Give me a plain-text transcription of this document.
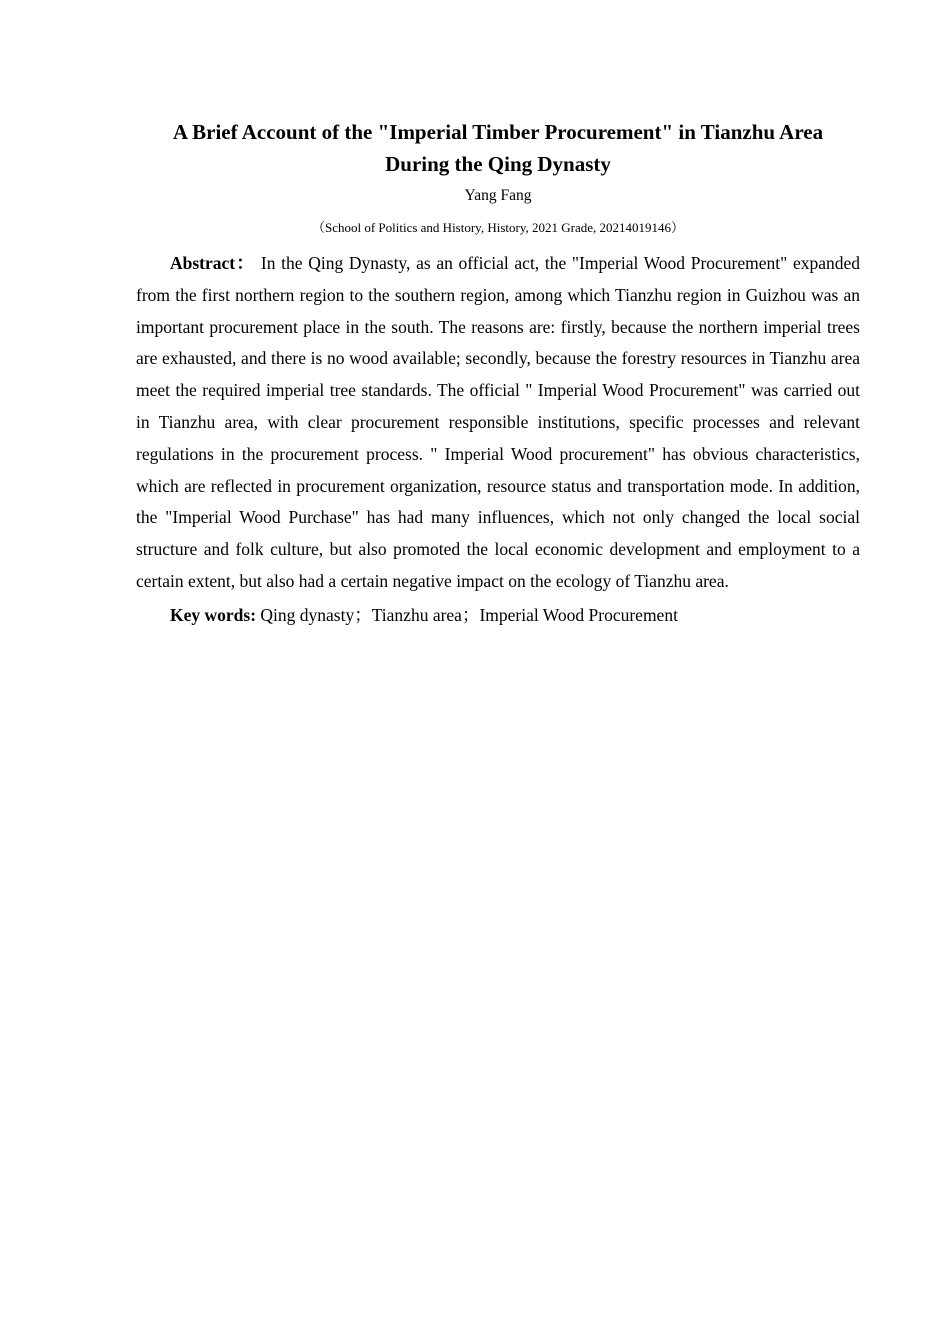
A Brief Account of the "Imperial Timber Procurement" in Tianzhu Area
During the Qing Dynasty
Yang Fang
（School of Politics and History, History, 2021 Grade, 20214019146）
Abstract： In the Qing Dynasty, as an official act, the "Imperial Wood Procurement" expanded from the first northern region to the southern region, among which Tianzhu region in Guizhou was an important procurement place in the south. The reasons are: firstly, because the northern imperial trees are exhausted, and there is no wood available; secondly, because the forestry resources in Tianzhu area meet the required imperial tree standards. The official " Imperial Wood Procurement" was carried out in Tianzhu area, with clear procurement responsible institutions, specific processes and relevant regulations in the procurement process. " Imperial Wood procurement" has obvious characteristics, which are reflected in procurement organization, resource status and transportation mode. In addition, the "Imperial Wood Purchase" has had many influences, which not only changed the local social structure and folk culture, but also promoted the local economic development and employment to a certain extent, but also had a certain negative impact on the ecology of Tianzhu area.
Key words: Qing dynasty；Tianzhu area；Imperial Wood Procurement
